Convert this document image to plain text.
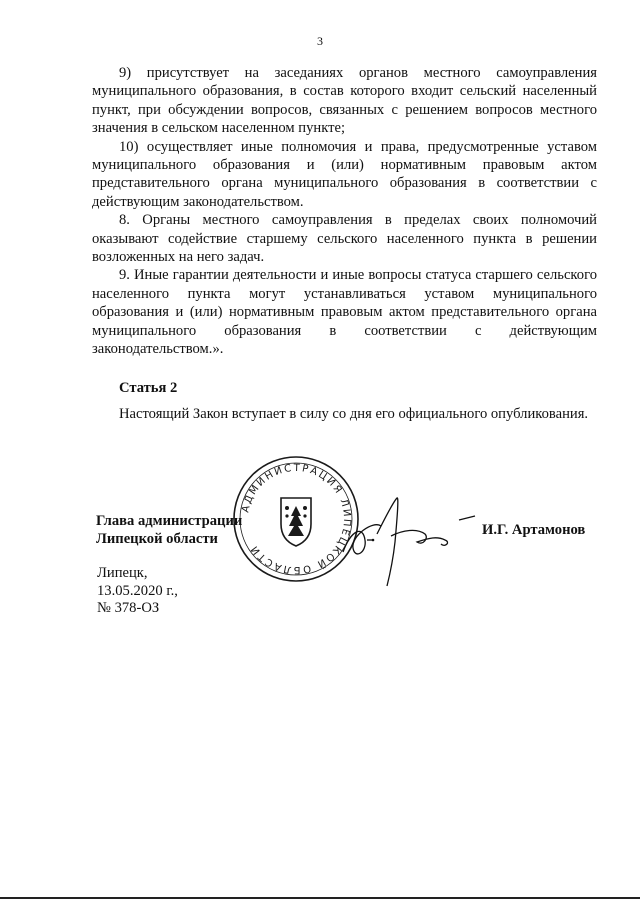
3

9) присутствует на заседаниях органов местного самоуправления муниципального образования, в состав которого входит сельский населенный пункт, при обсуждении вопросов, связанных с решением вопросов местного значения в сельском населенном пункте;

10) осуществляет иные полномочия и права, предусмотренные уставом муниципального образования и (или) нормативным правовым актом представительного органа муниципального образования в соответствии с действующим законодательством.

8. Органы местного самоуправления в пределах своих полномочий оказывают содействие старшему сельского населенного пункта в решении возложенных на него задач.

9. Иные гарантии деятельности и иные вопросы статуса старшего сельского населенного пункта могут устанавливаться уставом муниципального образования и (или) нормативным правовым актом представительного органа муниципального образования в соответствии с действующим законодательством.».

Статья 2

Настоящий Закон вступает в силу со дня его официального опубликования.

Глава администрации
Липецкой области
АДМИНИСТРАЦИЯ ЛИПЕЦКОЙ ОБЛАСТИ
И.Г. Артамонов
Липецк,
13.05.2020 г.,
№ 378-ОЗ
